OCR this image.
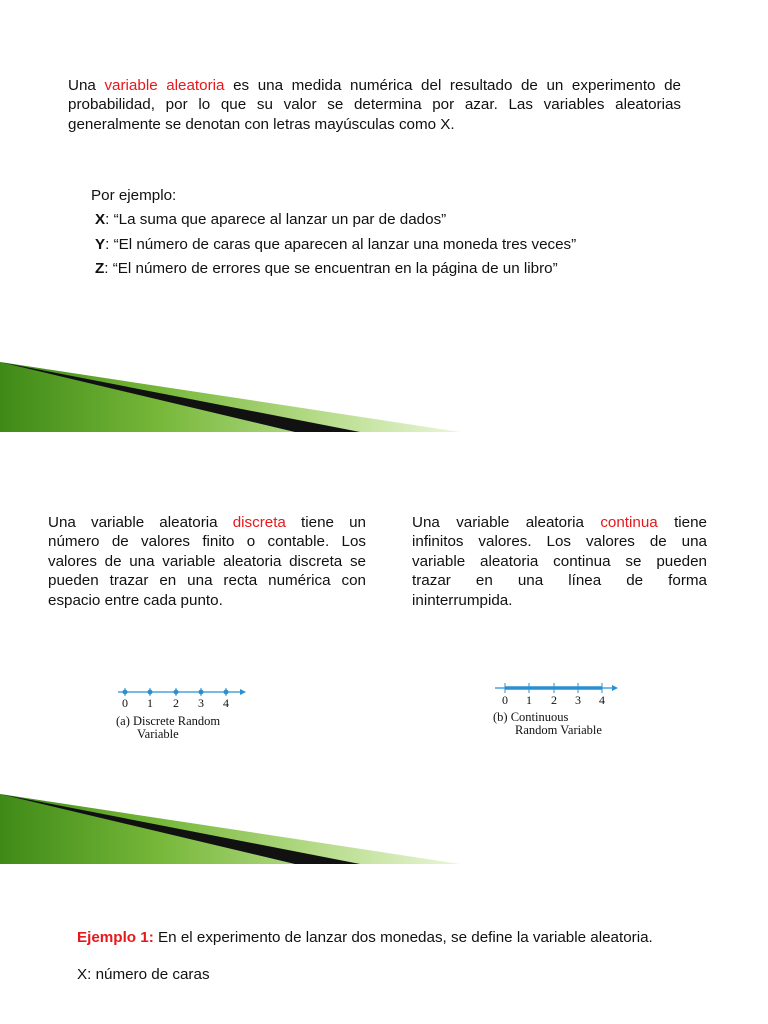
Una variable aleatoria es una medida numérica del resultado de un experimento de probabilidad, por lo que su valor se determina por azar. Las variables aleatorias generalmente se denotan con letras mayúsculas como X.
Por ejemplo:
X: “La suma que aparece al lanzar un par de dados”
Y: “El número de caras que aparecen al lanzar una moneda tres veces”
Z: “El número de errores que se encuentran en la página de un libro”
Una variable aleatoria discreta tiene un número de valores finito o contable. Los valores de una variable aleatoria discreta se pueden trazar en una recta numérica con espacio entre cada punto.
Una variable aleatoria continua tiene infinitos valores. Los valores de una variable aleatoria continua se pueden trazar en una línea de forma ininterrumpida.
0 1 2 3 4
(a) Discrete Random
Variable
0 1 2 3 4
(b) Continuous
Random Variable
Ejemplo 1: En el experimento de lanzar dos monedas, se define la variable aleatoria.
X: número de caras
